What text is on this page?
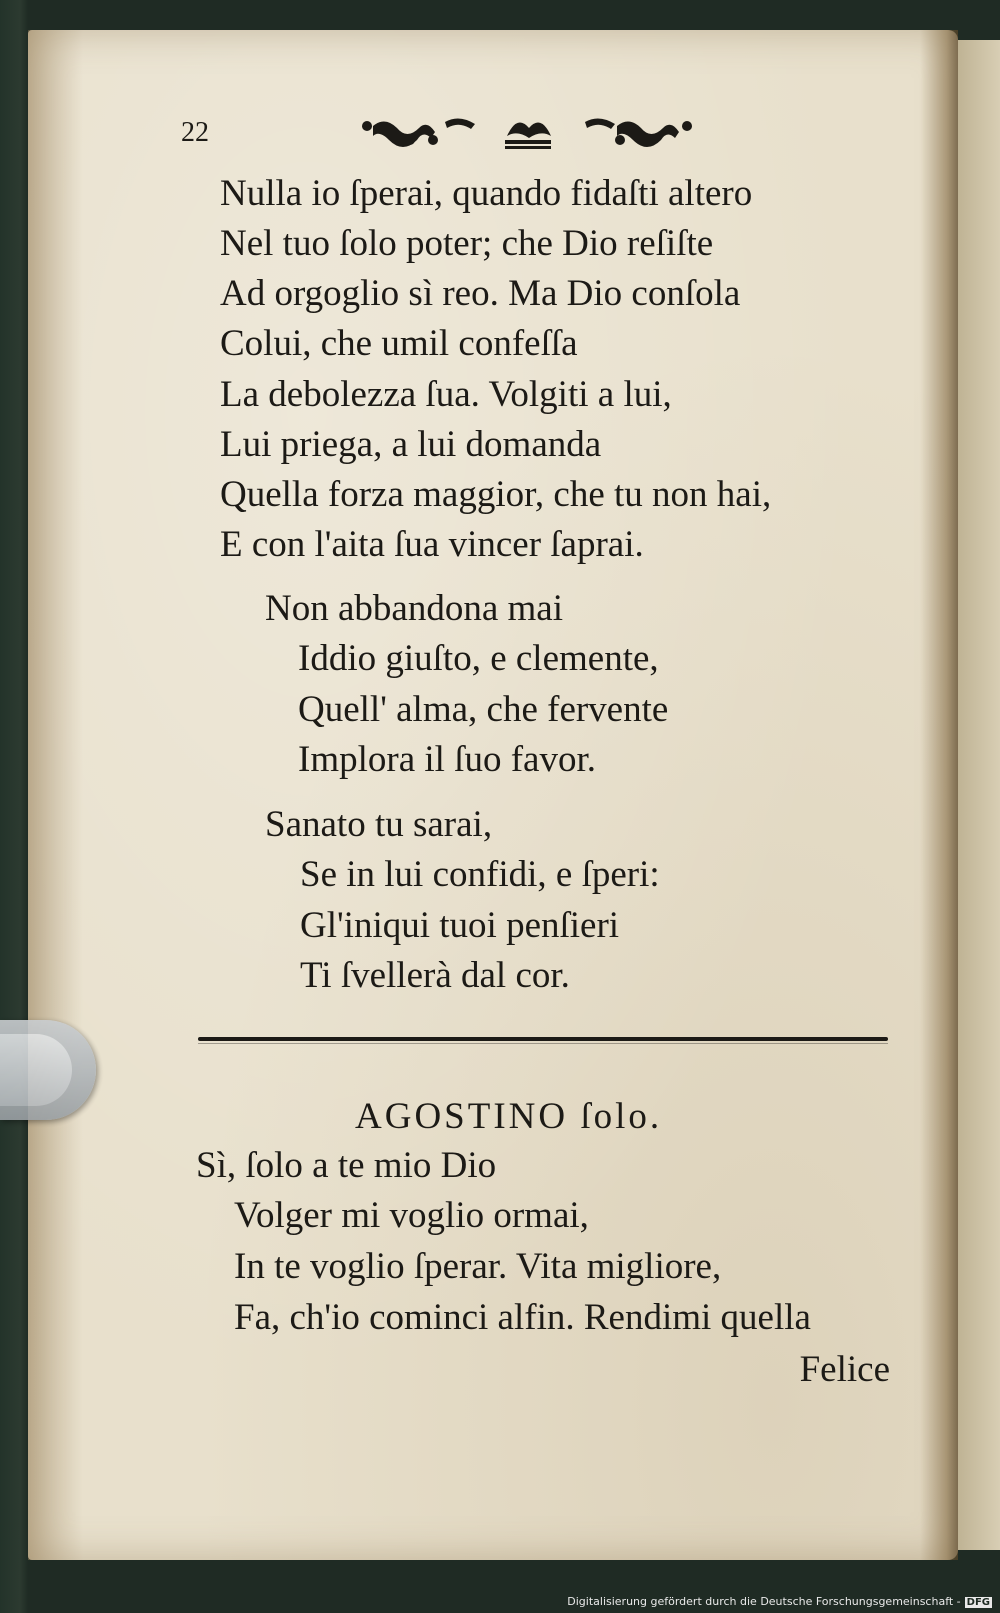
22
Nulla io ſperai, quando fidaſti altero
Nel tuo ſolo poter; che Dio reſiſte
Ad orgoglio sì reo. Ma Dio conſola
Colui, che umil confeſſa
La debolezza ſua. Volgiti a lui,
Lui priega, a lui domanda
Quella forza maggior, che tu non hai,
E con l'aita ſua vincer ſaprai.
Non abbandona mai
Iddio giuſto, e clemente,
Quell' alma, che fervente
Implora il ſuo favor.
Sanato tu sarai,
Se in lui confidi, e ſperi:
Gl'iniqui tuoi penſieri
Ti ſvellerà dal cor.
AGOSTINO ſolo.
Sì, ſolo a te mio Dio
Volger mi voglio ormai,
In te voglio ſperar. Vita migliore,
Fa, ch'io cominci alfin. Rendimi quella
Felice
Digitalisierung gefördert durch die Deutsche Forschungsgemeinschaft - DFG
